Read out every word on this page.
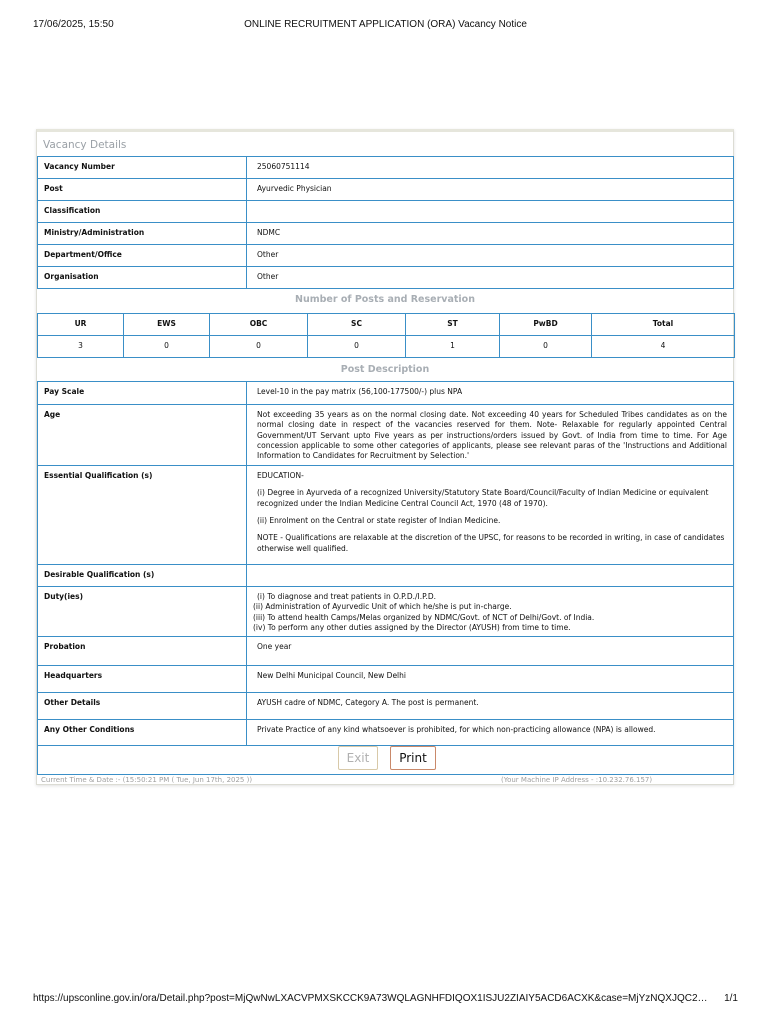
17/06/2025, 15:50	ONLINE RECRUITMENT APPLICATION (ORA) Vacancy Notice
Vacancy Details
Vacancy Number	25060751114
Post	Ayurvedic Physician
Classification	
Ministry/Administration	NDMC
Department/Office	Other
Organisation	Other
Number of Posts and Reservation
UR	EWS	OBC	SC	ST	PwBD	Total
3	0	0	0	1	0	4
Post Description
Pay Scale	Level-10 in the pay matrix (56,100-177500/-) plus NPA
Age	Not exceeding 35 years as on the normal closing date. Not exceeding 40 years for Scheduled Tribes candidates as on the normal closing date in respect of the vacancies reserved for them. Note- Relaxable for regularly appointed Central Government/UT Servant upto Five years as per instructions/orders issued by Govt. of India from time to time. For Age concession applicable to some other categories of applicants, please see relevant paras of the 'Instructions and Additional Information to Candidates for Recruitment by Selection.'
Essential Qualification (s)	EDUCATION-
(i) Degree in Ayurveda of a recognized University/Statutory State Board/Council/Faculty of Indian Medicine or equivalent recognized under the Indian Medicine Central Council Act, 1970 (48 of 1970).
(ii) Enrolment on the Central or state register of Indian Medicine.
NOTE - Qualifications are relaxable at the discretion of the UPSC, for reasons to be recorded in writing, in case of candidates otherwise well qualified.

Desirable Qualification (s)	
Duty(ies)	(i) To diagnose and treat patients in O.P.D./I.P.D.
(ii) Administration of Ayurvedic Unit of which he/she is put in-charge.
(iii) To attend health Camps/Melas organized by NDMC/Govt. of NCT of Delhi/Govt. of India.
(iv) To perform any other duties assigned by the Director (AYUSH) from time to time.

Probation	One year
Headquarters	New Delhi Municipal Council, New Delhi
Other Details	AYUSH cadre of NDMC, Category A. The post is permanent.
Any Other Conditions	Private Practice of any kind whatsoever is prohibited, for which non-practicing allowance (NPA) is allowed.
Exit	Print
Current Time & Date :- (15:50:21 PM ( Tue, Jun 17th, 2025 ))	(Your Machine IP Address - :10.232.76.157)
https://upsconline.gov.in/ora/Detail.php?post=MjQwNwLXACVPMXSKCCK9A73WQLAGNHFDIQOX1ISJU2ZIAIY5ACD6ACXK&case=MjYzNQXJQC2…	1/1
